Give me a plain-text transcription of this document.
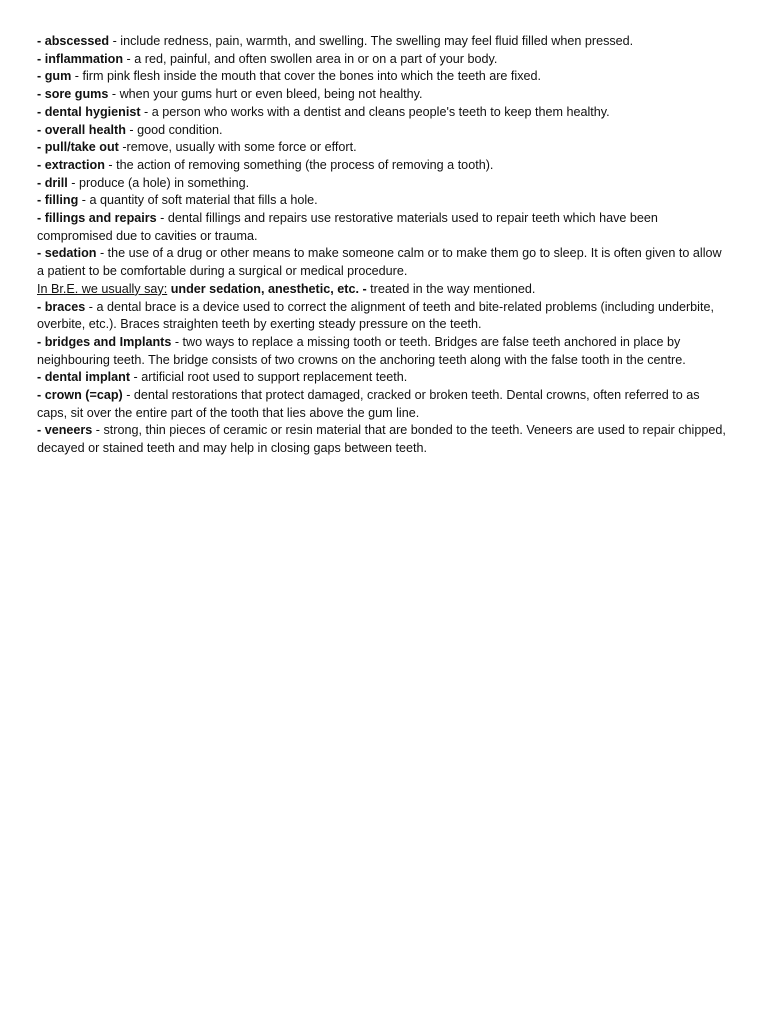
- abscessed - include redness, pain, warmth, and swelling. The swelling may feel fluid filled when pressed.

- inflammation - a red, painful, and often swollen area in or on a part of your body.

- gum - firm pink flesh inside the mouth that cover the bones into which the teeth are fixed.

- sore gums - when your gums hurt or even bleed, being not healthy.

- dental hygienist - a person who works with a dentist and cleans people's teeth to keep them healthy.

- overall health - good condition.

- pull/take out -remove, usually with some force or effort.

- extraction - the action of removing something (the process of removing a tooth).

- drill - produce (a hole) in something.

- filling - a quantity of soft material that fills a hole.

- fillings and repairs - dental fillings and repairs use restorative materials used to repair teeth which have been compromised due to cavities or trauma.

- sedation - the use of a drug or other means to make someone calm or to make them go to sleep. It is often given to allow a patient to be comfortable during a surgical or medical procedure.

In Br.E. we usually say: under sedation, anesthetic, etc. - treated in the way mentioned.

- braces - a dental brace is a device used to correct the alignment of teeth and bite-related problems (including underbite, overbite, etc.). Braces straighten teeth by exerting steady pressure on the teeth.

- bridges and Implants - two ways to replace a missing tooth or teeth. Bridges are false teeth anchored in place by neighbouring teeth. The bridge consists of two crowns on the anchoring teeth along with the false tooth in the centre.

- dental implant - artificial root used to support replacement teeth.

- crown (=cap) - dental restorations that protect damaged, cracked or broken teeth. Dental crowns, often referred to as caps, sit over the entire part of the tooth that lies above the gum line.

- veneers - strong, thin pieces of ceramic or resin material that are bonded to the teeth. Veneers are used to repair chipped, decayed or stained teeth and may help in closing gaps between teeth.
